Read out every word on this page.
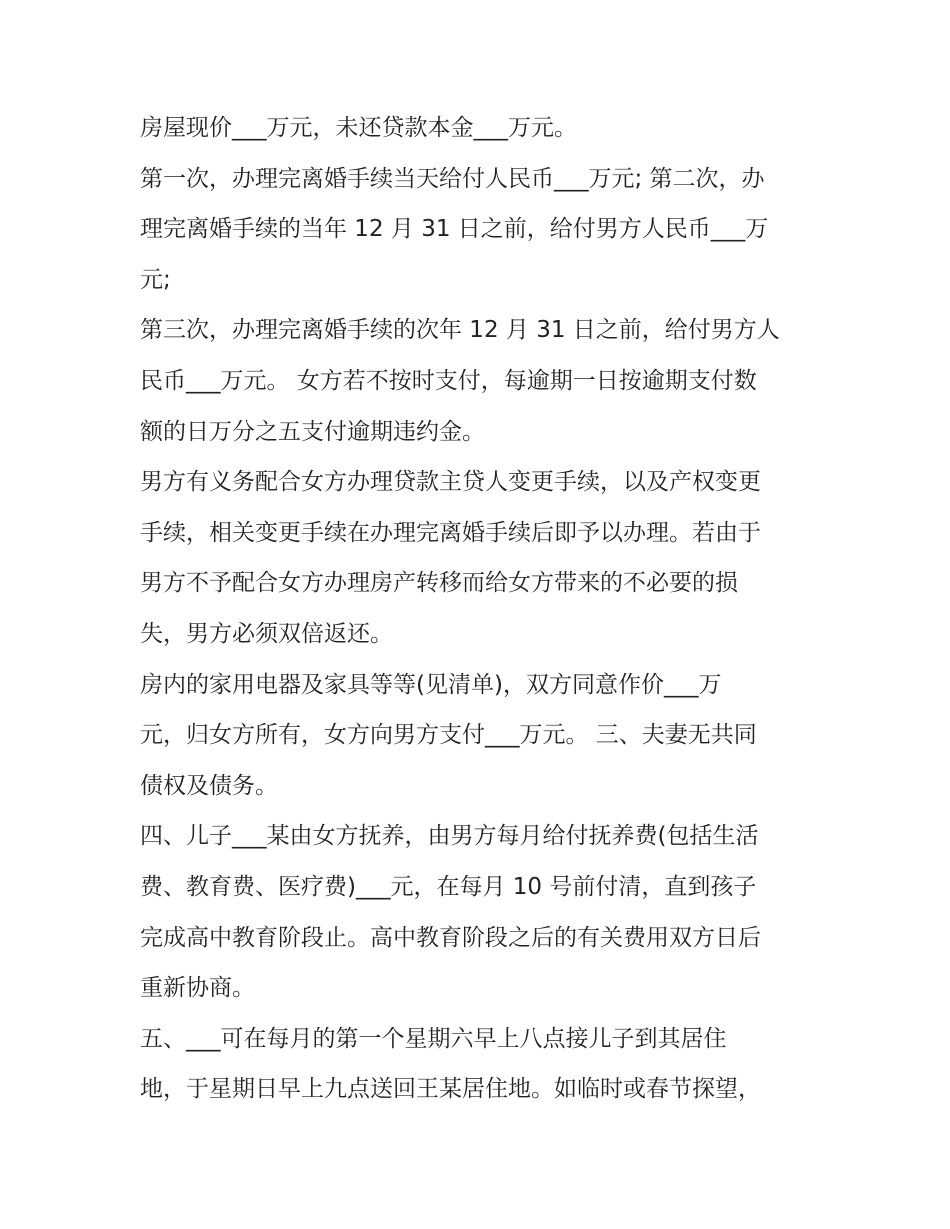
房屋现价___万元，未还贷款本金___万元。
第一次，办理完离婚手续当天给付人民币___万元; 第二次，办
理完离婚手续的当年 12 月 31 日之前，给付男方人民币___万
元;
第三次，办理完离婚手续的次年 12 月 31 日之前，给付男方人
民币___万元。 女方若不按时支付，每逾期一日按逾期支付数
额的日万分之五支付逾期违约金。
男方有义务配合女方办理贷款主贷人变更手续，以及产权变更
手续，相关变更手续在办理完离婚手续后即予以办理。若由于
男方不予配合女方办理房产转移而给女方带来的不必要的损
失，男方必须双倍返还。
房内的家用电器及家具等等(见清单)，双方同意作价___万
元，归女方所有，女方向男方支付___万元。 三、夫妻无共同
债权及债务。
四、儿子___某由女方抚养，由男方每月给付抚养费(包括生活
费、教育费、医疗费)___元，在每月 10 号前付清，直到孩子
完成高中教育阶段止。高中教育阶段之后的有关费用双方日后
重新协商。
五、___可在每月的第一个星期六早上八点接儿子到其居住
地，于星期日早上九点送回王某居住地。如临时或春节探望，
